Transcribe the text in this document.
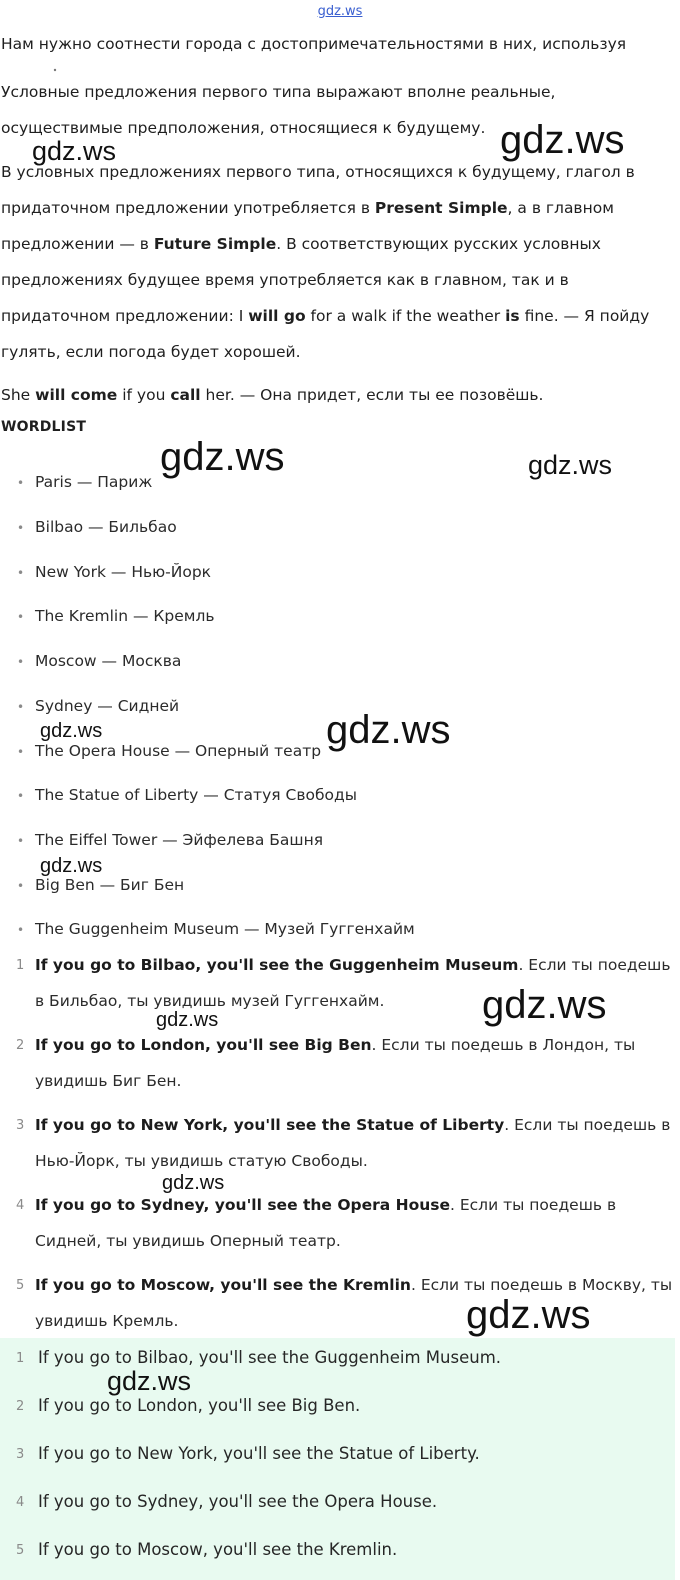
gdz.ws
Нам нужно соотнести города с достопримечательностями в них, используя
Условные предложения первого типа выражают вполне реальные, осуществимые предположения, относящиеся к будущему.
В условных предложениях первого типа, относящихся к будущему, глагол в придаточном предложении употребляется в Present Simple, а в главном предложении — в Future Simple. В соответствующих русских условных предложениях будущее время употребляется как в главном, так и в придаточном предложении: I will go for a walk if the weather is fine. — Я пойду гулять, если погода будет хорошей.
She will come if you call her. — Она придет, если ты ее позовёшь.
WORDLIST
• Paris — Париж
• Bilbao — Бильбао
• New York — Нью-Йорк
• The Kremlin — Кремль
• Moscow — Москва
• Sydney — Сидней
• The Opera House — Оперный театр
• The Statue of Liberty — Статуя Свободы
• The Eiffel Tower — Эйфелева Башня
• Big Ben — Биг Бен
• The Guggenheim Museum — Музей Гуггенхайм
1 If you go to Bilbao, you'll see the Guggenheim Museum. Если ты поедешь в Бильбао, ты увидишь музей Гуггенхайм.
2 If you go to London, you'll see Big Ben. Если ты поедешь в Лондон, ты увидишь Биг Бен.
3 If you go to New York, you'll see the Statue of Liberty. Если ты поедешь в Нью-Йорк, ты увидишь статую Свободы.
4 If you go to Sydney, you'll see the Opera House. Если ты поедешь в Сидней, ты увидишь Оперный театр.
5 If you go to Moscow, you'll see the Kremlin. Если ты поедешь в Москву, ты увидишь Кремль.
1 If you go to Bilbao, you'll see the Guggenheim Museum.
2 If you go to London, you'll see Big Ben.
3 If you go to New York, you'll see the Statue of Liberty.
4 If you go to Sydney, you'll see the Opera House.
5 If you go to Moscow, you'll see the Kremlin.
gdz.ws
gdz.ws
gdz.ws	gdz.ws
gdz.ws	gdz.ws
gdz.ws
gdz.ws
gdz.ws
gdz.ws
gdz.ws
gdz.ws
